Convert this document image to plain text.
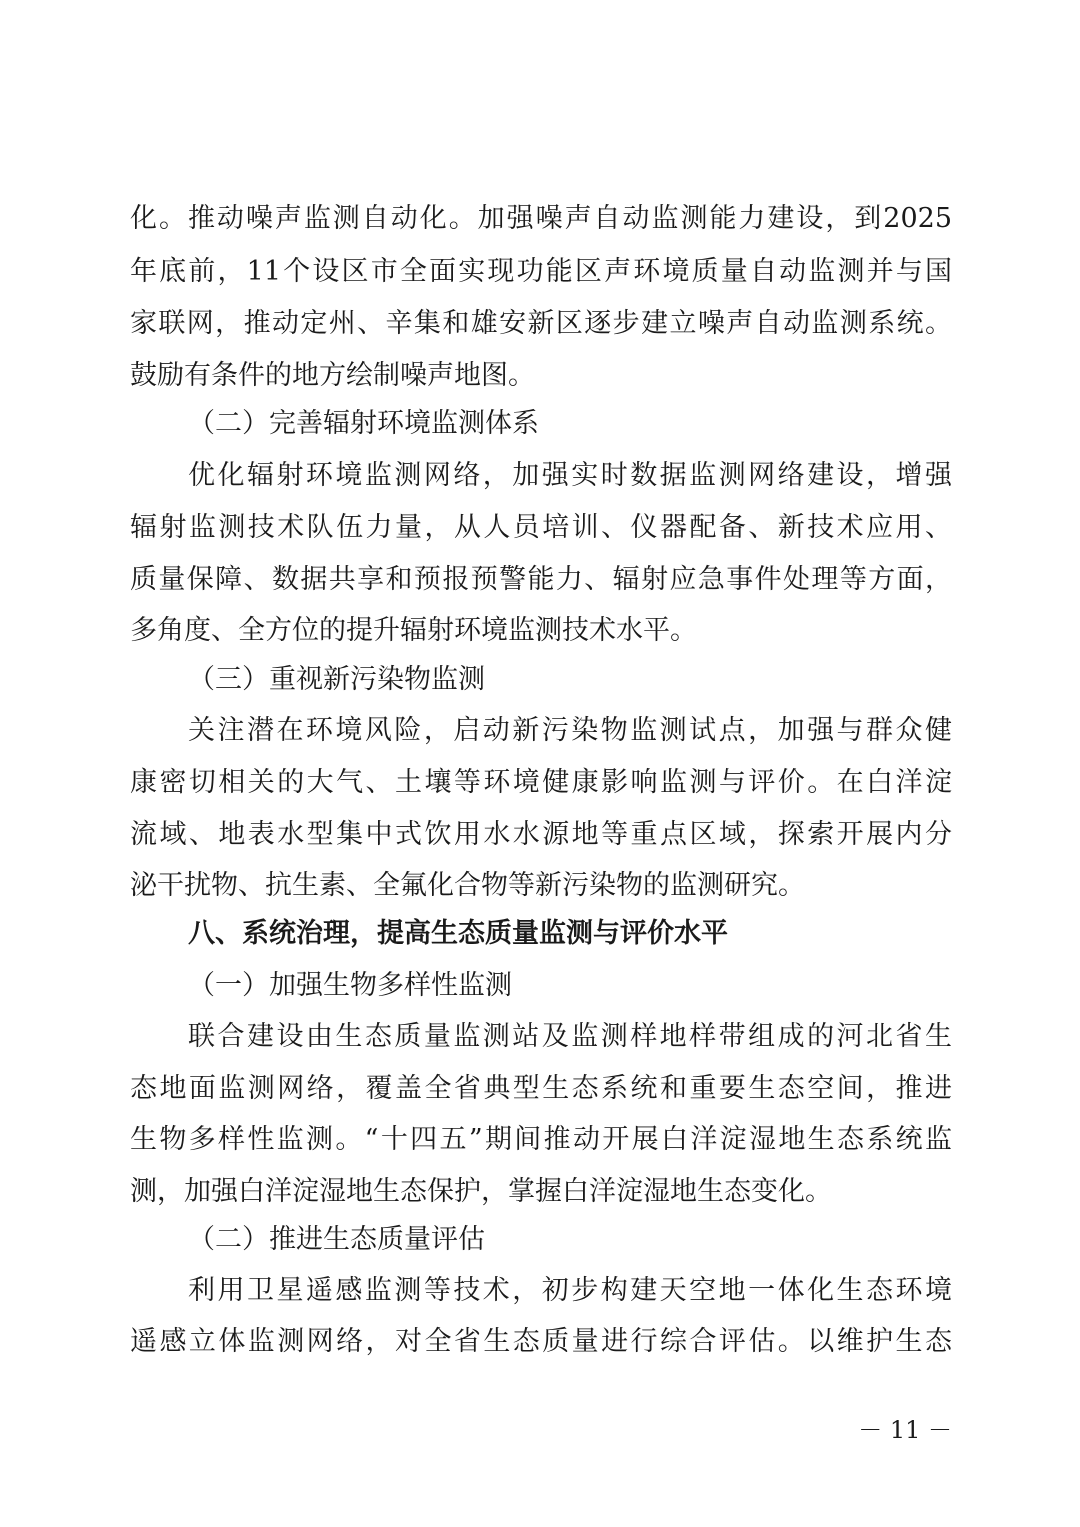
化。推动噪声监测自动化。加强噪声自动监测能力建设，到2025
年底前，11个设区市全面实现功能区声环境质量自动监测并与国
家联网，推动定州、辛集和雄安新区逐步建立噪声自动监测系统。
鼓励有条件的地方绘制噪声地图。
（二）完善辐射环境监测体系
优化辐射环境监测网络，加强实时数据监测网络建设，增强
辐射监测技术队伍力量，从人员培训、仪器配备、新技术应用、
质量保障、数据共享和预报预警能力、辐射应急事件处理等方面，
多角度、全方位的提升辐射环境监测技术水平。
（三）重视新污染物监测
关注潜在环境风险，启动新污染物监测试点，加强与群众健
康密切相关的大气、土壤等环境健康影响监测与评价。在白洋淀
流域、地表水型集中式饮用水水源地等重点区域，探索开展内分
泌干扰物、抗生素、全氟化合物等新污染物的监测研究。
八、系统治理，提高生态质量监测与评价水平
（一）加强生物多样性监测
联合建设由生态质量监测站及监测样地样带组成的河北省生
态地面监测网络，覆盖全省典型生态系统和重要生态空间，推进
生物多样性监测。“十四五”期间推动开展白洋淀湿地生态系统监
测，加强白洋淀湿地生态保护，掌握白洋淀湿地生态变化。
（二）推进生态质量评估
利用卫星遥感监测等技术，初步构建天空地一体化生态环境
遥感立体监测网络，对全省生态质量进行综合评估。以维护生态
－ 11 －
